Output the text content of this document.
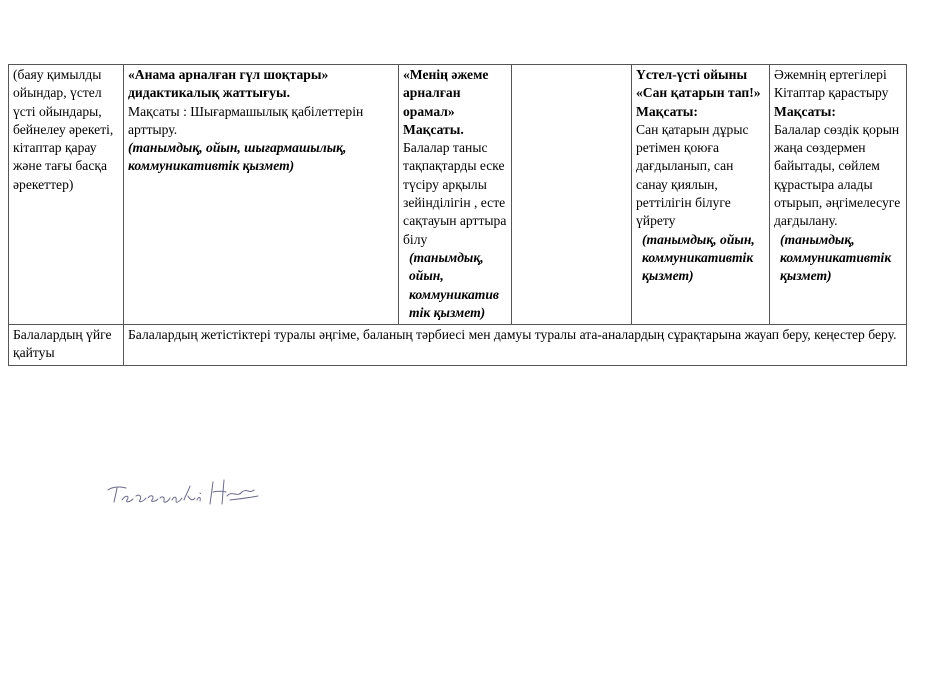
(баяу қимылды ойындар, үстел үсті ойындары, бейнелеу әрекеті, кітаптар қарау және тағы басқа әрекеттер)	«Анама арналған гүл шоқтары» дидактикалық жаттығуы.
Мақсаты : Шығармашылық қабілеттерін арттыру.
(танымдық, ойын, шығармашылық, коммуникативтік қызмет)	«Менің әжеме арналған орамал»
Мақсаты.
Балалар таныс тақпақтарды еске түсіру арқылы зейінділігін , есте сақтауын арттыра білу
(танымдық, ойын, коммуникативтік қызмет)		Үстел-үсті ойыны
«Сан қатарын тап!»
Мақсаты:
Сан қатарын дұрыс ретімен қоюға дағдыланып, сан санау қиялын, реттілігін білуге үйрету
(танымдық, ойын, коммуникативтік қызмет)	Әжемнің ертегілері Кітаптар қарастыру
Мақсаты:
Балалар сөздік қорын жаңа сөздермен байытады, сөйлем құрастыра алады отырып, әңгімелесуге дағдылану.
(танымдық, коммуникативтік қызмет)

Балалардың үйге қайтуы	Балалардың жетістіктері туралы әңгіме, баланың тәрбиесі мен дамуы туралы ата-аналардың сұрақтарына жауап беру, кеңестер беру.				
